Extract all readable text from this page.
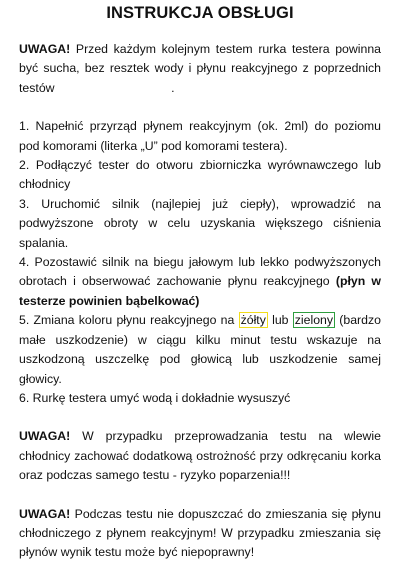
INSTRUKCJA OBSŁUGI
UWAGA! Przed każdym kolejnym testem rurka testera powinna być sucha, bez resztek wody i płynu reakcyjnego z poprzednich testów	.
1. Napełnić przyrząd płynem reakcyjnym (ok. 2ml) do poziomu pod komorami (literka „U” pod komorami testera).
2. Podłączyć tester do otworu zbiorniczka wyrównawczego lub chłodnicy
3. Uruchomić silnik (najlepiej już ciepły), wprowadzić na podwyższone obroty w celu uzyskania większego ciśnienia spalania.
4. Pozostawić silnik na biegu jałowym lub lekko podwyższonych obrotach i obserwować zachowanie płynu reakcyjnego (płyn w testerze powinien bąbelkować)
5. Zmiana koloru płynu reakcyjnego na żółty lub zielony (bardzo małe uszkodzenie) w ciągu kilku minut testu wskazuje na uszkodzoną uszczelkę pod głowicą lub uszkodzenie samej głowicy.
6. Rurkę testera umyć wodą i dokładnie wysuszyć
UWAGA! W przypadku przeprowadzania testu na wlewie chłodnicy zachować dodatkową ostrożność przy odkręcaniu korka oraz podczas samego testu - ryzyko poparzenia!!!
UWAGA! Podczas testu nie dopuszczać do zmieszania się płynu chłodniczego z płynem reakcyjnym! W przypadku zmieszania się płynów wynik testu może być niepoprawny!
